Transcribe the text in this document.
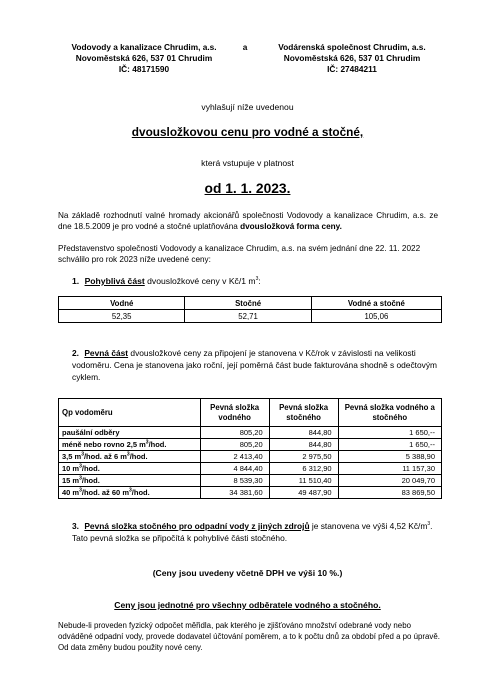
Vodovody a kanalizace Chrudim, a.s.
Novoměstská 626, 537 01 Chrudim
IČ: 48171590
a	Vodárenská společnost Chrudim, a.s.
Novoměstská 626, 537 01 Chrudim
IČ: 27484211
vyhlašují níže uvedenou
dvousložkovou cenu pro vodné a stočné,
která vstupuje v platnost
od 1. 1. 2023.
Na základě rozhodnutí valné hromady akcionářů společnosti Vodovody a kanalizace Chrudim, a.s. ze dne 18.5.2009 je pro vodné a stočné uplatňována dvousložková forma ceny.
Představenstvo společnosti Vodovody a kanalizace Chrudim, a.s. na svém jednání dne 22. 11. 2022 schválilo pro rok 2023 níže uvedené ceny:
1. Pohyblivá část dvousložkové ceny v Kč/1 $m^3$:
Vodné	Stočné	Vodné a stočné
52,35	52,71	105,06
2. Pevná část dvousložkové ceny za připojení je stanovena v Kč/rok v závislosti na velikosti vodoměru. Cena je stanovena jako roční, její poměrná část bude fakturována shodně s odečtovým cyklem.
Qp vodoměru	Pevná složka vodného	Pevná složka stočného	Pevná složka vodného a stočného
paušální odběry	805,20	844,80	1 650,--
méně nebo rovno 2,5 $m^3$/hod.	805,20	844,80	1 650,--
3,5 $m^3$/hod. až 6 $m^3$/hod.	2 413,40	2 975,50	5 388,90
10 $m^3$/hod.	4 844,40	6 312,90	11 157,30
15 $m^3$/hod.	8 539,30	11 510,40	20 049,70
40 $m^3$/hod. až 60 $m^3$/hod.	34 381,60	49 487,90	83 869,50
3. Pevná složka stočného pro odpadní vody z jiných zdrojů je stanovena ve výši 4,52 $Kč/m^3$. Tato pevná složka se připočítá k pohyblivé části stočného.
(Ceny jsou uvedeny včetně DPH ve výši 10 %.)
Ceny jsou jednotné pro všechny odběratele vodného a stočného.
Nebude-li proveden fyzický odpočet měřidla, pak kterého je zjišťováno množství odebrané vody nebo odváděné odpadní vody, provede dodavatel účtování poměrem, a to k počtu dnů za období před a po úpravě. Od data změny budou použity nové ceny.
